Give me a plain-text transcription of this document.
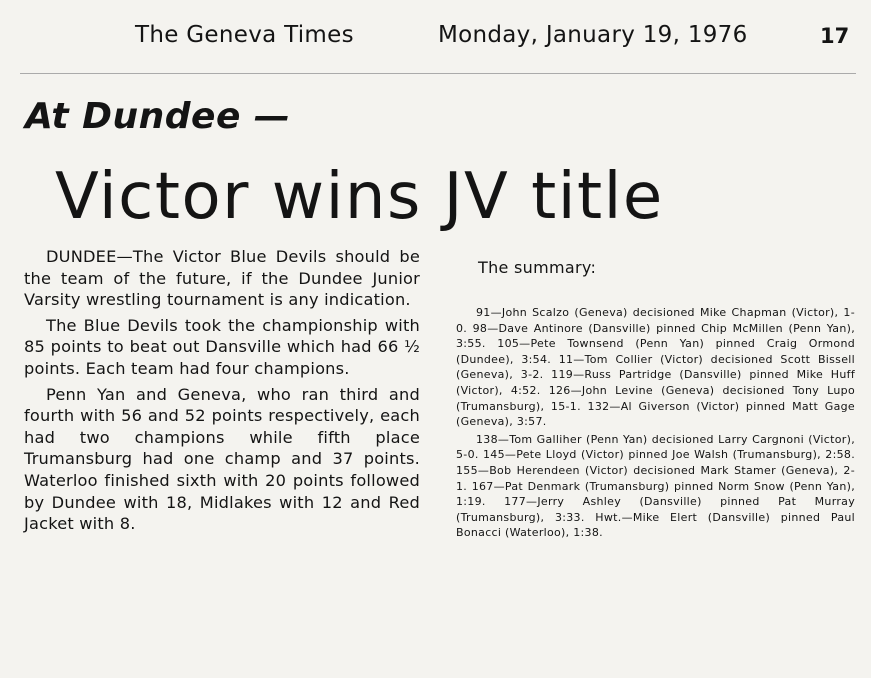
The Geneva Times	Monday, January 19, 1976	17
At Dundee —
Victor wins JV title

DUNDEE—The Victor Blue Devils should be the team of the future, if the Dundee Junior Varsity wrestling tournament is any indication.

The Blue Devils took the championship with 85 points to beat out Dansville which had 66 ½ points. Each team had four champions.

Penn Yan and Geneva, who ran third and fourth with 56 and 52 points respectively, each had two champions while fifth place Trumansburg had one champ and 37 points. Waterloo finished sixth with 20 points followed by Dundee with 18, Midlakes with 12 and Red Jacket with 8.

The summary:

91—John Scalzo (Geneva) decisioned Mike Chapman (Victor), 1-0. 98—Dave Antinore (Dansville) pinned Chip McMillen (Penn Yan), 3:55. 105—Pete Townsend (Penn Yan) pinned Craig Ormond (Dundee), 3:54. 11—Tom Collier (Victor) decisioned Scott Bissell (Geneva), 3-2. 119—Russ Partridge (Dansville) pinned Mike Huff (Victor), 4:52. 126—John Levine (Geneva) decisioned Tony Lupo (Trumansburg), 15-1. 132—Al Giverson (Victor) pinned Matt Gage (Geneva), 3:57.

138—Tom Galliher (Penn Yan) decisioned Larry Cargnoni (Victor), 5-0. 145—Pete Lloyd (Victor) pinned Joe Walsh (Trumansburg), 2:58. 155—Bob Herendeen (Victor) decisioned Mark Stamer (Geneva), 2-1. 167—Pat Denmark (Trumansburg) pinned Norm Snow (Penn Yan), 1:19. 177—Jerry Ashley (Dansville) pinned Pat Murray (Trumansburg), 3:33. Hwt.—Mike Elert (Dansville) pinned Paul Bonacci (Waterloo), 1:38.
